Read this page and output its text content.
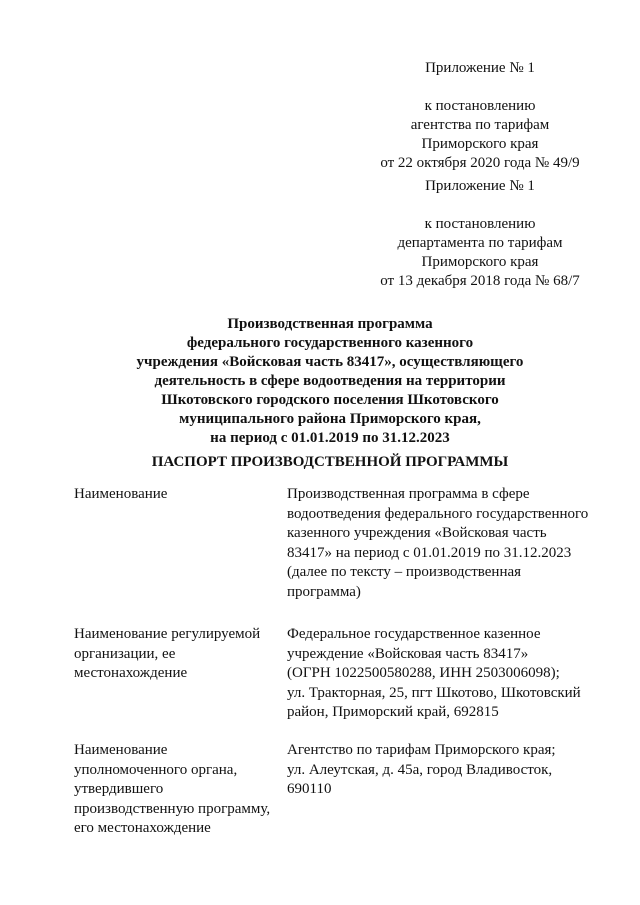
Приложение № 1
к постановлению
агентства по тарифам
Приморского края
от 22 октября 2020 года № 49/9
Приложение № 1
к постановлению
департамента по тарифам
Приморского края
от 13 декабря 2018 года № 68/7
Производственная программа
федерального государственного казенного
учреждения «Войсковая часть 83417», осуществляющего
деятельность в сфере водоотведения на территории
Шкотовского городского поселения Шкотовского
муниципального района Приморского края,
на период с 01.01.2019 по 31.12.2023
ПАСПОРТ ПРОИЗВОДСТВЕННОЙ ПРОГРАММЫ
Наименование	Производственная программа в сфере
водоотведения федерального государственного
казенного учреждения «Войсковая часть
83417» на период с 01.01.2019 по 31.12.2023
(далее по тексту – производственная
программа)
Наименование регулируемой
организации, ее
местонахождение
Федеральное государственное казенное
учреждение «Войсковая часть 83417»
(ОГРН 1022500580288, ИНН 2503006098);
ул. Тракторная, 25, пгт Шкотово, Шкотовский
район, Приморский край, 692815
Наименование
уполномоченного органа,
утвердившего
производственную программу,
его местонахождение
Агентство по тарифам Приморского края;
ул. Алеутская, д. 45а, город Владивосток,
690110
